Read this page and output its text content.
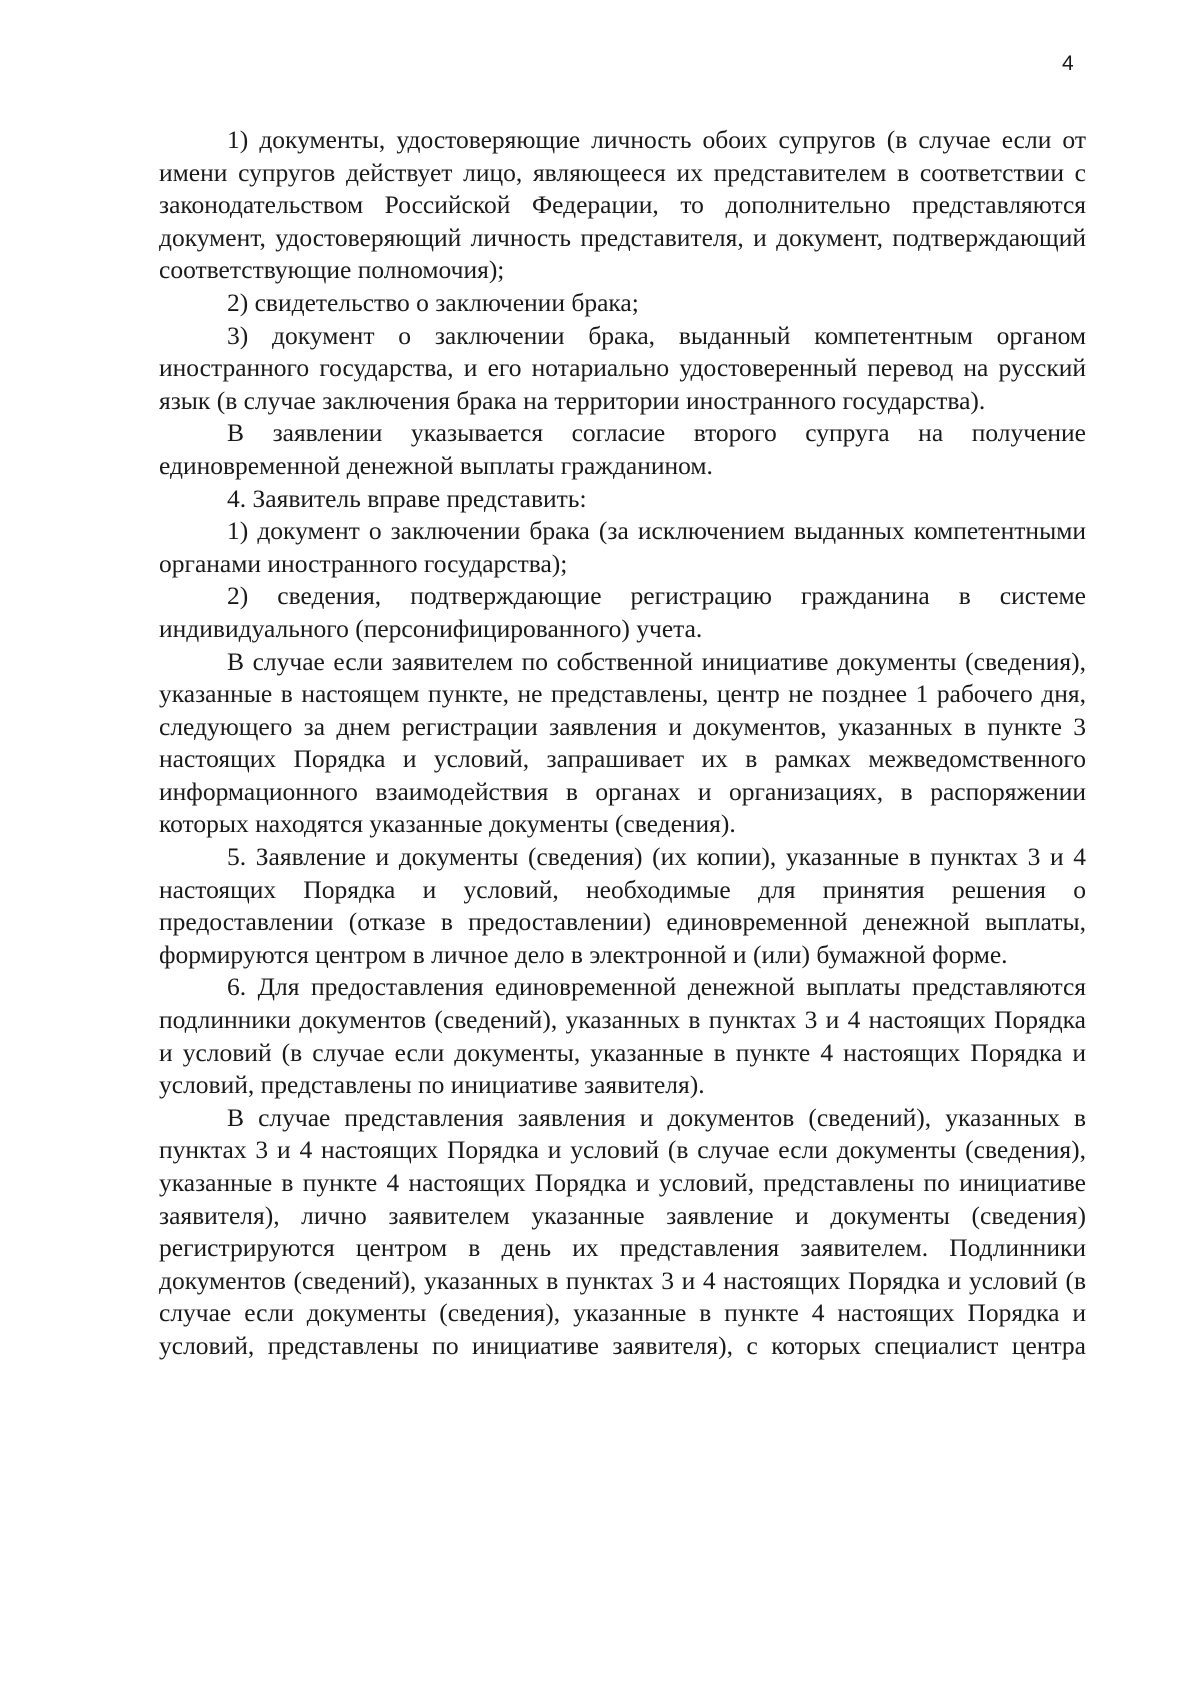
4

1) документы, удостоверяющие личность обоих супругов (в случае если от имени супругов действует лицо, являющееся их представителем в соответствии с законодательством Российской Федерации, то дополнительно представляются документ, удостоверяющий личность представителя, и документ, подтверждающий соответствующие полномочия);

2) свидетельство о заключении брака;

3) документ о заключении брака, выданный компетентным органом иностранного государства, и его нотариально удостоверенный перевод на русский язык (в случае заключения брака на территории иностранного государства).

В заявлении указывается согласие второго супруга на получение единовременной денежной выплаты гражданином.

4. Заявитель вправе представить:

1) документ о заключении брака (за исключением выданных компетентными органами иностранного государства);

2) сведения, подтверждающие регистрацию гражданина в системе индивидуального (персонифицированного) учета.

В случае если заявителем по собственной инициативе документы (сведения), указанные в настоящем пункте, не представлены, центр не позднее 1 рабочего дня, следующего за днем регистрации заявления и документов, указанных в пункте 3 настоящих Порядка и условий, запрашивает их в рамках межведомственного информационного взаимодействия в органах и организациях, в распоряжении которых находятся указанные документы (сведения).

5. Заявление и документы (сведения) (их копии), указанные в пунктах 3 и 4 настоящих Порядка и условий, необходимые для принятия решения о предоставлении (отказе в предоставлении) единовременной денежной выплаты, формируются центром в личное дело в электронной и (или) бумажной форме.

6. Для предоставления единовременной денежной выплаты представляются подлинники документов (сведений), указанных в пунктах 3 и 4 настоящих Порядка и условий (в случае если документы, указанные в пункте 4 настоящих Порядка и условий, представлены по инициативе заявителя).

В случае представления заявления и документов (сведений), указанных в пунктах 3 и 4 настоящих Порядка и условий (в случае если документы (сведения), указанные в пункте 4 настоящих Порядка и условий, представлены по инициативе заявителя), лично заявителем указанные заявление и документы (сведения) регистрируются центром в день их представления заявителем. Подлинники документов (сведений), указанных в пунктах 3 и 4 настоящих Порядка и условий (в случае если документы (сведения), указанные в пункте 4 настоящих Порядка и условий, представлены по инициативе заявителя), с которых специалист центра
